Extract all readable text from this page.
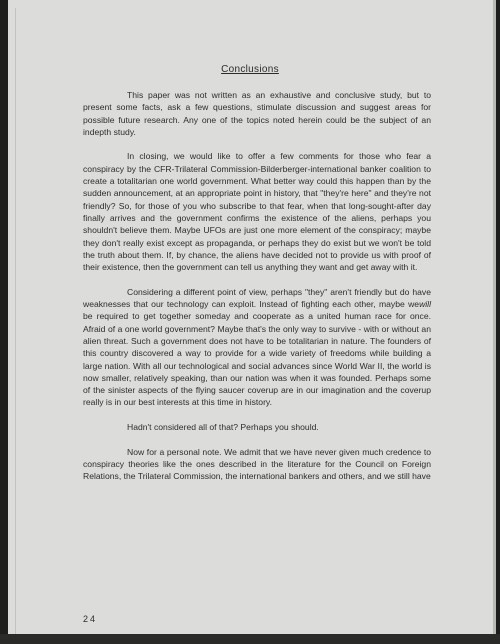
Conclusions

This paper was not written as an exhaustive and conclusive study, but to present some facts, ask a few questions, stimulate discussion and suggest areas for possible future research. Any one of the topics noted herein could be the subject of an indepth study.

In closing, we would like to offer a few comments for those who fear a conspiracy by the CFR-Trilateral Commission-Bilderberger-international banker coalition to create a totalitarian one world government. What better way could this happen than by the sudden announcement, at an appropriate point in history, that "they're here" and they're not friendly? So, for those of you who subscribe to that fear, when that long-sought-after day finally arrives and the government confirms the existence of the aliens, perhaps you shouldn't believe them. Maybe UFOs are just one more element of the conspiracy; maybe they don't really exist except as propaganda, or perhaps they do exist but we won't be told the truth about them. If, by chance, the aliens have decided not to provide us with proof of their existence, then the government can tell us anything they want and get away with it.

Considering a different point of view, perhaps "they" aren't friendly but do have weaknesses that our technology can exploit. Instead of fighting each other, maybe wewill be required to get together someday and cooperate as a united human race for once. Afraid of a one world government? Maybe that's the only way to survive - with or without an alien threat. Such a government does not have to be totalitarian in nature. The founders of this country discovered a way to provide for a wide variety of freedoms while building a large nation. With all our technological and social advances since World War II, the world is now smaller, relatively speaking, than our nation was when it was founded. Perhaps some of the sinister aspects of the flying saucer coverup are in our imagination and the coverup really is in our best interests at this time in history.

Hadn't considered all of that? Perhaps you should.

Now for a personal note. We admit that we have never given much credence to conspiracy theories like the ones described in the literature for the Council on Foreign Relations, the Trilateral Commission, the international bankers and others, and we still have

24
